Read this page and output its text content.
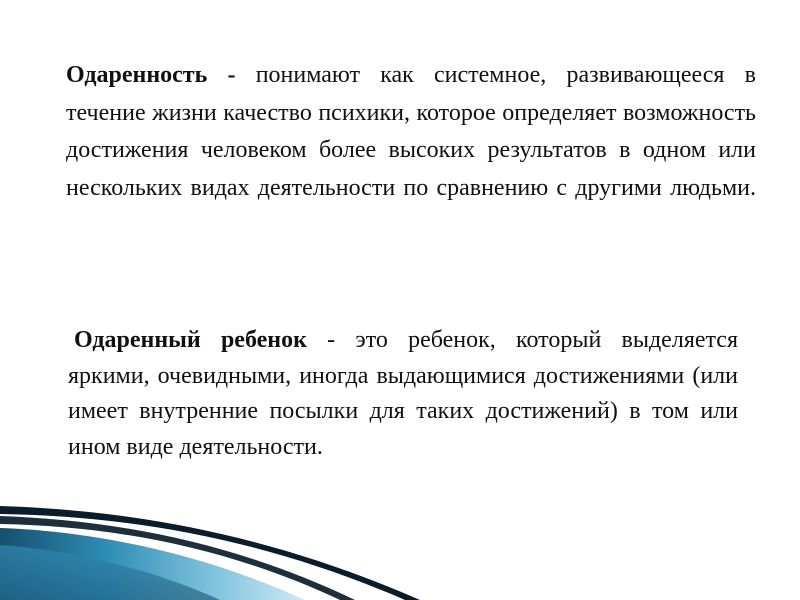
Одаренность - понимают как системное, развивающееся в течение жизни качество психики, которое определяет возможность достижения человеком более высоких результатов в одном или нескольких видах деятельности по сравнению с другими людьми.

Одаренный ребенок - это ребенок, который выделяется яркими, очевидными, иногда выдающимися достижениями (или имеет внутренние посылки для таких достижений) в том или ином виде деятельности.
